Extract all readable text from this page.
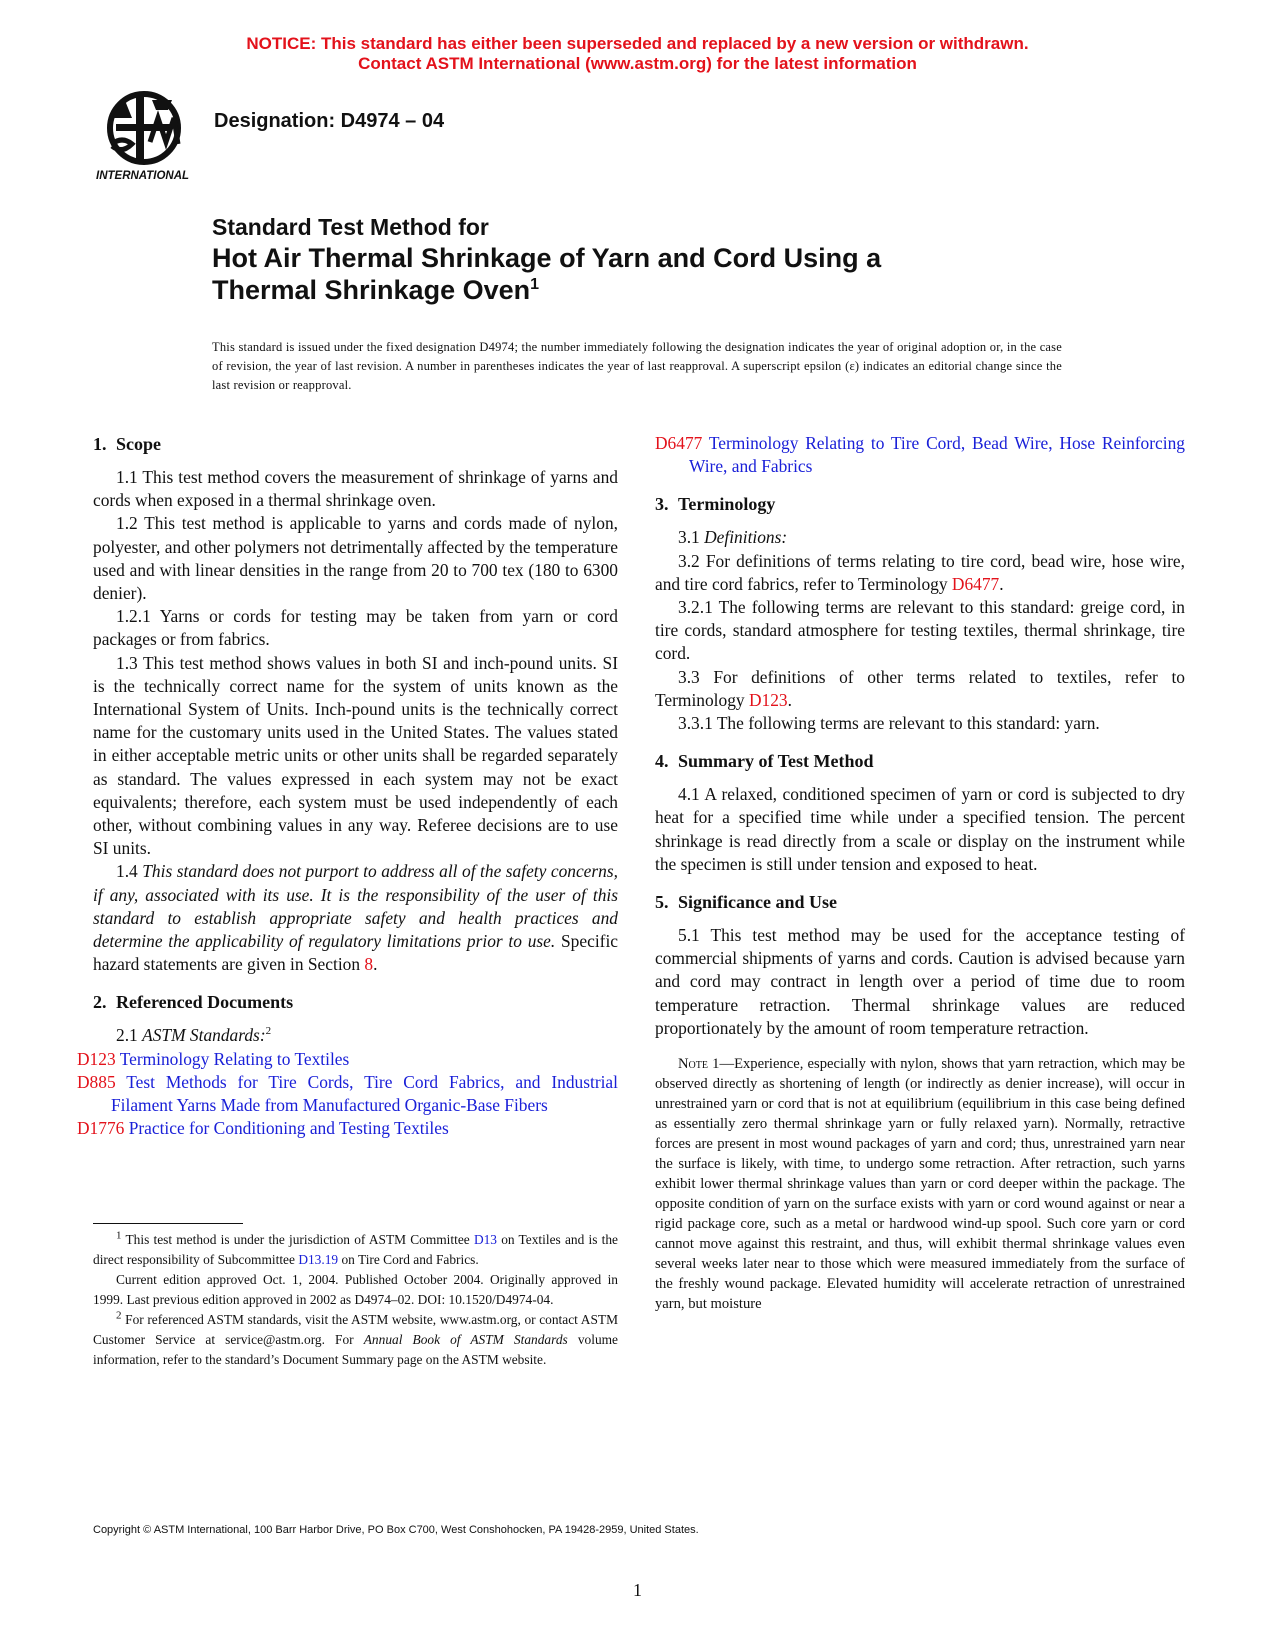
NOTICE: This standard has either been superseded and replaced by a new version or withdrawn.
Contact ASTM International (www.astm.org) for the latest information
INTERNATIONAL
Designation: D4974 – 04
Standard Test Method for
Hot Air Thermal Shrinkage of Yarn and Cord Using a
Thermal Shrinkage Oven$^1$
This standard is issued under the fixed designation D4974; the number immediately following the designation indicates the year of original adoption or, in the case of revision, the year of last revision. A number in parentheses indicates the year of last reapproval. A superscript epsilon (ε) indicates an editorial change since the last revision or reapproval.
1. Scope

1.1 This test method covers the measurement of shrinkage of yarns and cords when exposed in a thermal shrinkage oven.

1.2 This test method is applicable to yarns and cords made of nylon, polyester, and other polymers not detrimentally affected by the temperature used and with linear densities in the range from 20 to 700 tex (180 to 6300 denier).

1.2.1 Yarns or cords for testing may be taken from yarn or cord packages or from fabrics.

1.3 This test method shows values in both SI and inch-pound units. SI is the technically correct name for the system of units known as the International System of Units. Inch-pound units is the technically correct name for the customary units used in the United States. The values stated in either acceptable metric units or other units shall be regarded separately as standard. The values expressed in each system may not be exact equivalents; therefore, each system must be used independently of each other, without combining values in any way. Referee decisions are to use SI units.

1.4 This standard does not purport to address all of the safety concerns, if any, associated with its use. It is the responsibility of the user of this standard to establish appropriate safety and health practices and determine the applicability of regulatory limitations prior to use. Specific hazard statements are given in Section 8.

2. Referenced Documents

2.1 ASTM Standards:$^2$

D123 Terminology Relating to Textiles

D885 Test Methods for Tire Cords, Tire Cord Fabrics, and Industrial Filament Yarns Made from Manufactured Organic-Base Fibers

D1776 Practice for Conditioning and Testing Textiles

$^1$ This test method is under the jurisdiction of ASTM Committee D13 on Textiles and is the direct responsibility of Subcommittee D13.19 on Tire Cord and Fabrics.

Current edition approved Oct. 1, 2004. Published October 2004. Originally approved in 1999. Last previous edition approved in 2002 as D4974–02. DOI: 10.1520/D4974-04.

$^2$ For referenced ASTM standards, visit the ASTM website, www.astm.org, or contact ASTM Customer Service at service@astm.org. For Annual Book of ASTM Standards volume information, refer to the standard’s Document Summary page on the ASTM website.

D6477 Terminology Relating to Tire Cord, Bead Wire, Hose Reinforcing Wire, and Fabrics

3. Terminology

3.1 Definitions:

3.2 For definitions of terms relating to tire cord, bead wire, hose wire, and tire cord fabrics, refer to Terminology D6477.

3.2.1 The following terms are relevant to this standard: greige cord, in tire cords, standard atmosphere for testing textiles, thermal shrinkage, tire cord.

3.3 For definitions of other terms related to textiles, refer to Terminology D123.

3.3.1 The following terms are relevant to this standard: yarn.

4. Summary of Test Method

4.1 A relaxed, conditioned specimen of yarn or cord is subjected to dry heat for a specified time while under a specified tension. The percent shrinkage is read directly from a scale or display on the instrument while the specimen is still under tension and exposed to heat.

5. Significance and Use

5.1 This test method may be used for the acceptance testing of commercial shipments of yarns and cords. Caution is advised because yarn and cord may contract in length over a period of time due to room temperature retraction. Thermal shrinkage values are reduced proportionately by the amount of room temperature retraction.

Note 1—Experience, especially with nylon, shows that yarn retraction, which may be observed directly as shortening of length (or indirectly as denier increase), will occur in unrestrained yarn or cord that is not at equilibrium (equilibrium in this case being defined as essentially zero thermal shrinkage yarn or fully relaxed yarn). Normally, retractive forces are present in most wound packages of yarn and cord; thus, unrestrained yarn near the surface is likely, with time, to undergo some retraction. After retraction, such yarns exhibit lower thermal shrinkage values than yarn or cord deeper within the package. The opposite condition of yarn on the surface exists with yarn or cord wound against or near a rigid package core, such as a metal or hardwood wind-up spool. Such core yarn or cord cannot move against this restraint, and thus, will exhibit thermal shrinkage values even several weeks later near to those which were measured immediately from the surface of the freshly wound package. Elevated humidity will accelerate retraction of unrestrained yarn, but moisture

Copyright © ASTM International, 100 Barr Harbor Drive, PO Box C700, West Conshohocken, PA 19428-2959, United States.
1
